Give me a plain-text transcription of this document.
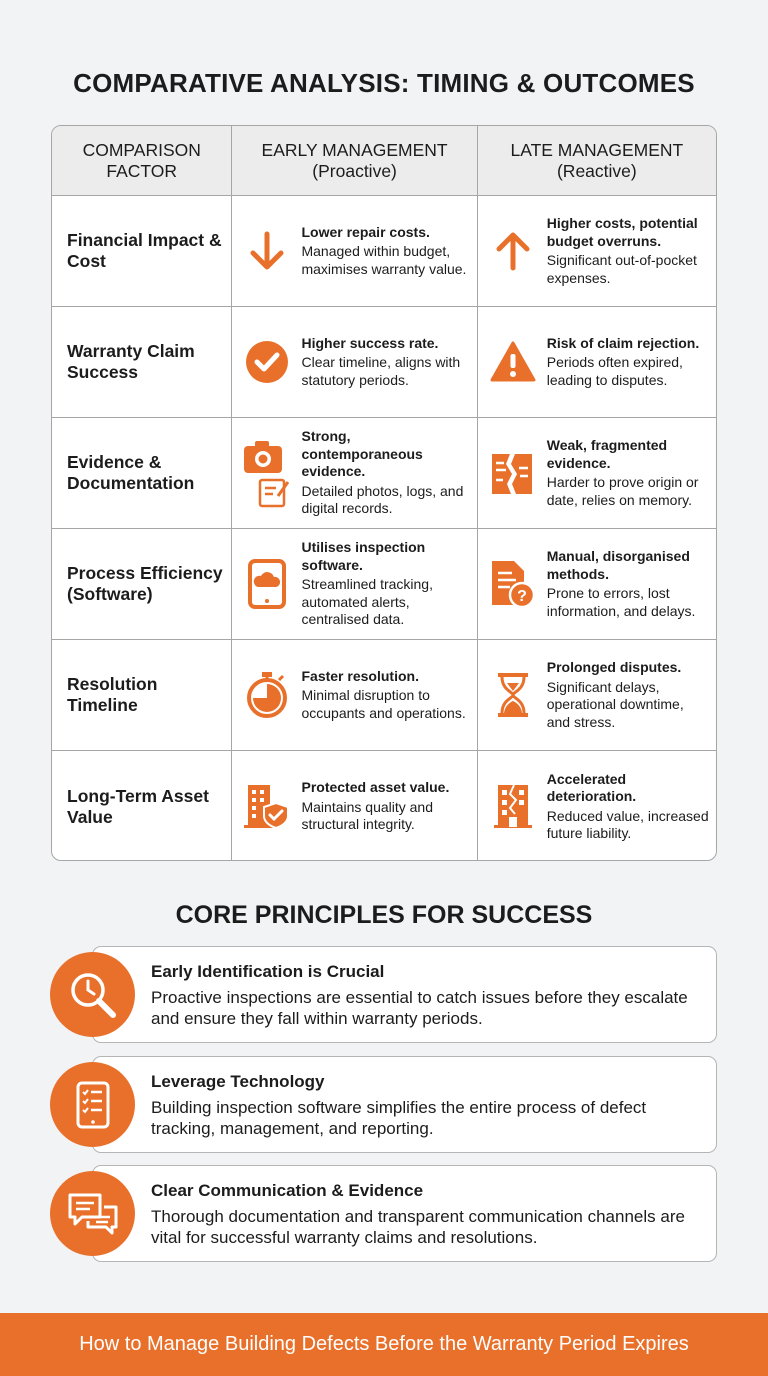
COMPARATIVE ANALYSIS: TIMING & OUTCOMES
COMPARISON
FACTOR
EARLY MANAGEMENT
(Proactive)
LATE MANAGEMENT
(Reactive)
Financial Impact & Cost
Lower repair costs.
Managed within budget, maximises warranty value.
Higher costs, potential budget overruns.
Significant out-of-pocket expenses.
Warranty Claim Success
Higher success rate.
Clear timeline, aligns with statutory periods.
Risk of claim rejection.
Periods often expired, leading to disputes.
Evidence & Documentation
Strong, contemporaneous evidence.
Detailed photos, logs, and digital records.
Weak, fragmented evidence.
Harder to prove origin or date, relies on memory.
Process Efficiency (Software)
Utilises inspection software.
Streamlined tracking, automated alerts, centralised data.
?
Manual, disorganised methods.
Prone to errors, lost information, and delays.
Resolution Timeline
Faster resolution.
Minimal disruption to occupants and operations.
Prolonged disputes.
Significant delays, operational downtime, and stress.
Long-Term Asset Value
Protected asset value.
Maintains quality and structural integrity.
Accelerated deterioration.
Reduced value, increased future liability.
CORE PRINCIPLES FOR SUCCESS
Early Identification is Crucial
Proactive inspections are essential to catch issues before they escalate and ensure they fall within warranty periods.
Leverage Technology
Building inspection software simplifies the entire process of defect tracking, management, and reporting.
Clear Communication & Evidence
Thorough documentation and transparent communication channels are vital for successful warranty claims and resolutions.
How to Manage Building Defects Before the Warranty Period Expires
